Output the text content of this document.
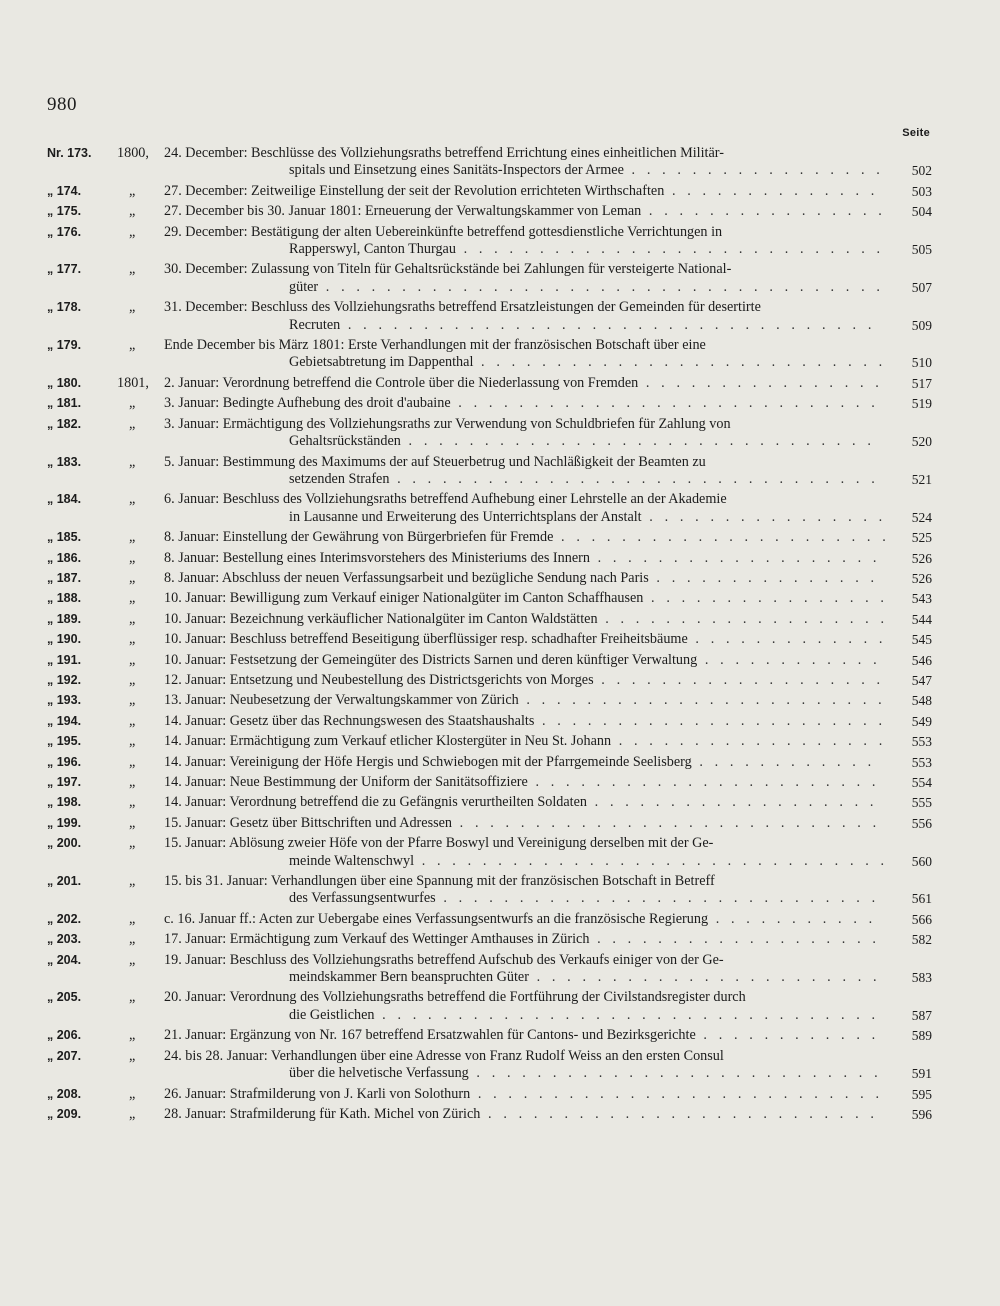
980
Seite
Nr. 173. 1800,	24. December: Beschlüsse des Vollziehungsraths betreffend Errichtung eines einheitlichen Militär-

spitals und Einsetzung eines Sanitäts-Inspectors der Armee . . . . . . . . . . . . . . . . .	502
„ 174.	„	27. December: Zeitweilige Einstellung der seit der Revolution errichteten Wirthschaften . . . . . . . . . . . . . .	503
„ 175.	„	27. December bis 30. Januar 1801: Erneuerung der Verwaltungskammer von Leman . . . . . . . . . . . . . . . .	504
„ 176.	„	29. December: Bestätigung der alten Uebereinkünfte betreffend gottesdienstliche Verrichtungen in

Rapperswyl, Canton Thurgau . . . . . . . . . . . . . . . . . . . . . . . . . . . .	505
„ 177.	„	30. December: Zulassung von Titeln für Gehaltsrückstände bei Zahlungen für versteigerte National-

güter . . . . . . . . . . . . . . . . . . . . . . . . . . . . . . . . . . . . .	507
„ 178.	„	31. December: Beschluss des Vollziehungsraths betreffend Ersatzleistungen der Gemeinden für desertirte

Recruten . . . . . . . . . . . . . . . . . . . . . . . . . . . . . . . . . . .	509
„ 179.	„	Ende December bis März 1801: Erste Verhandlungen mit der französischen Botschaft über eine

Gebietsabtretung im Dappenthal . . . . . . . . . . . . . . . . . . . . . . . . . . .	510
„ 180.	1801,	2. Januar: Verordnung betreffend die Controle über die Niederlassung von Fremden . . . . . . . . . . . . . . . .	517
„ 181.	„	3. Januar: Bedingte Aufhebung des droit d'aubaine . . . . . . . . . . . . . . . . . . . . . . . . . . . .	519
„ 182.	„	3. Januar: Ermächtigung des Vollziehungsraths zur Verwendung von Schuldbriefen für Zahlung von

Gehaltsrückständen . . . . . . . . . . . . . . . . . . . . . . . . . . . . . . .	520
„ 183.	„	5. Januar: Bestimmung des Maximums der auf Steuerbetrug und Nachläßigkeit der Beamten zu

setzenden Strafen . . . . . . . . . . . . . . . . . . . . . . . . . . . . . . . .	521
„ 184.	„	6. Januar: Beschluss des Vollziehungsraths betreffend Aufhebung einer Lehrstelle an der Akademie

in Lausanne und Erweiterung des Unterrichtsplans der Anstalt . . . . . . . . . . . . . . . .	524
„ 185.	„	8. Januar: Einstellung der Gewährung von Bürgerbriefen für Fremde . . . . . . . . . . . . . . . . . . . . . . 525
„ 186.	„	8. Januar: Bestellung eines Interimsvorstehers des Ministeriums des Innern . . . . . . . . . . . . . . . . . . .	526
„ 187.	„	8. Januar: Abschluss der neuen Verfassungsarbeit und bezügliche Sendung nach Paris . . . . . . . . . . . . . . .	526
„ 188.	„	10. Januar: Bewilligung zum Verkauf einiger Nationalgüter im Canton Schaffhausen . . . . . . . . . . . . . . . . 543
„ 189.	„	10. Januar: Bezeichnung verkäuflicher Nationalgüter im Canton Waldstätten . . . . . . . . . . . . . . . . . . . 544
„ 190.	„	10. Januar: Beschluss betreffend Beseitigung überflüssiger resp. schadhafter Freiheitsbäume . . . . . . . . . . . . .	545
„ 191.	„	10. Januar: Festsetzung der Gemeingüter des Districts Sarnen und deren künftiger Verwaltung . . . . . . . . . . . .	546
„ 192.	„	12. Januar: Entsetzung und Neubestellung des Districtsgerichts von Morges . . . . . . . . . . . . . . . . . . .	547
„ 193.	„	13. Januar: Neubesetzung der Verwaltungskammer von Zürich . . . . . . . . . . . . . . . . . . . . . . . .	548
„ 194.	„	14. Januar: Gesetz über das Rechnungswesen des Staatshaushalts . . . . . . . . . . . . . . . . . . . . . . .	549
„ 195.	„	14. Januar: Ermächtigung zum Verkauf etlicher Klostergüter in Neu St. Johann . . . . . . . . . . . . . . . . . .	553
„ 196.	„	14. Januar: Vereinigung der Höfe Hergis und Schwiebogen mit der Pfarrgemeinde Seelisberg . . . . . . . . . . . .	553
„ 197.	„	14. Januar: Neue Bestimmung der Uniform der Sanitätsoffiziere . . . . . . . . . . . . . . . . . . . . . . .	554
„ 198.	„	14. Januar: Verordnung betreffend die zu Gefängnis verurtheilten Soldaten . . . . . . . . . . . . . . . . . . .	555
„ 199.	„	15. Januar: Gesetz über Bittschriften und Adressen . . . . . . . . . . . . . . . . . . . . . . . . . . . .	556
„ 200.	„	15. Januar: Ablösung zweier Höfe von der Pfarre Boswyl und Vereinigung derselben mit der Ge-

meinde Waltenschwyl . . . . . . . . . . . . . . . . . . . . . . . . . . . . . . . 560
„ 201.	„	15. bis 31. Januar: Verhandlungen über eine Spannung mit der französischen Botschaft in Betreff

des Verfassungsentwurfes . . . . . . . . . . . . . . . . . . . . . . . . . . . . .	561
„ 202.	„	c. 16. Januar ff.: Acten zur Uebergabe eines Verfassungsentwurfs an die französische Regierung . . . . . . . . . . .	566
„ 203.	„	17. Januar: Ermächtigung zum Verkauf des Wettinger Amthauses in Zürich . . . . . . . . . . . . . . . . . . .	582
„ 204.	„	19. Januar: Beschluss des Vollziehungsraths betreffend Aufschub des Verkaufs einiger von der Ge-

meindskammer Bern beanspruchten Güter . . . . . . . . . . . . . . . . . . . . . . .	583
„ 205.	„	20. Januar: Verordnung des Vollziehungsraths betreffend die Fortführung der Civilstandsregister durch

die Geistlichen . . . . . . . . . . . . . . . . . . . . . . . . . . . . . . . . .	587
„ 206.	„	21. Januar: Ergänzung von Nr. 167 betreffend Ersatzwahlen für Cantons- und Bezirksgerichte . . . . . . . . . . . .	589
„ 207.	„	24. bis 28. Januar: Verhandlungen über eine Adresse von Franz Rudolf Weiss an den ersten Consul

über die helvetische Verfassung . . . . . . . . . . . . . . . . . . . . . . . . . . .	591
„ 208.	„	26. Januar: Strafmilderung von J. Karli von Solothurn . . . . . . . . . . . . . . . . . . . . . . . . . . .	595
„ 209.	„	28. Januar: Strafmilderung für Kath. Michel von Zürich . . . . . . . . . . . . . . . . . . . . . . . . . .	596
